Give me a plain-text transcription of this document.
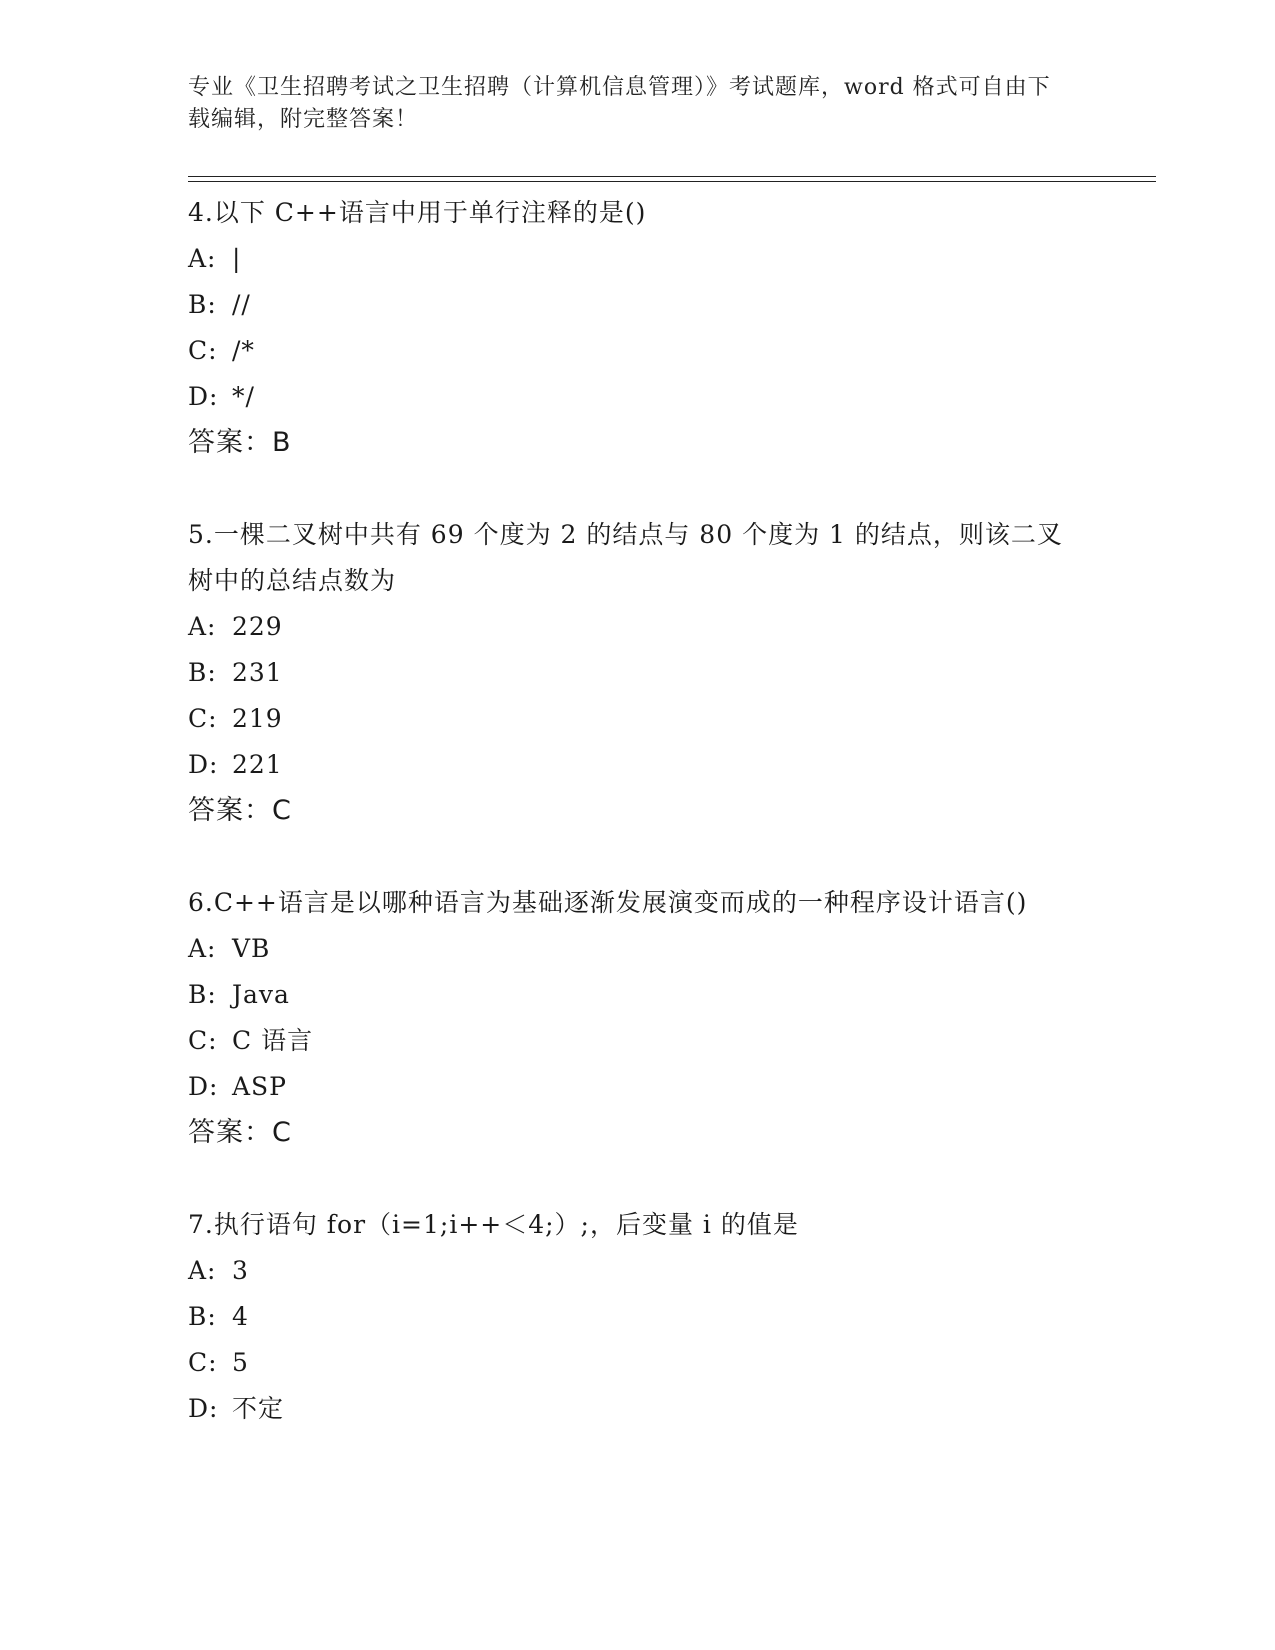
专业《卫生招聘考试之卫生招聘（计算机信息管理）》考试题库，word 格式可自由下载编辑，附完整答案！

4.以下 C++语言中用于单行注释的是()

A: |

B: //

C: /*

D: */

答案：B

5.一棵二叉树中共有 69 个度为 2 的结点与 80 个度为 1 的结点，则该二叉树中的总结点数为

A: 229

B: 231

C: 219

D: 221

答案：C

6.C++语言是以哪种语言为基础逐渐发展演变而成的一种程序设计语言()

A: VB

B: Java

C: C 语言

D: ASP

答案：C

7.执行语句 for（i=1;i++＜4;）;，后变量 i 的值是

A: 3

B: 4

C: 5

D: 不定
